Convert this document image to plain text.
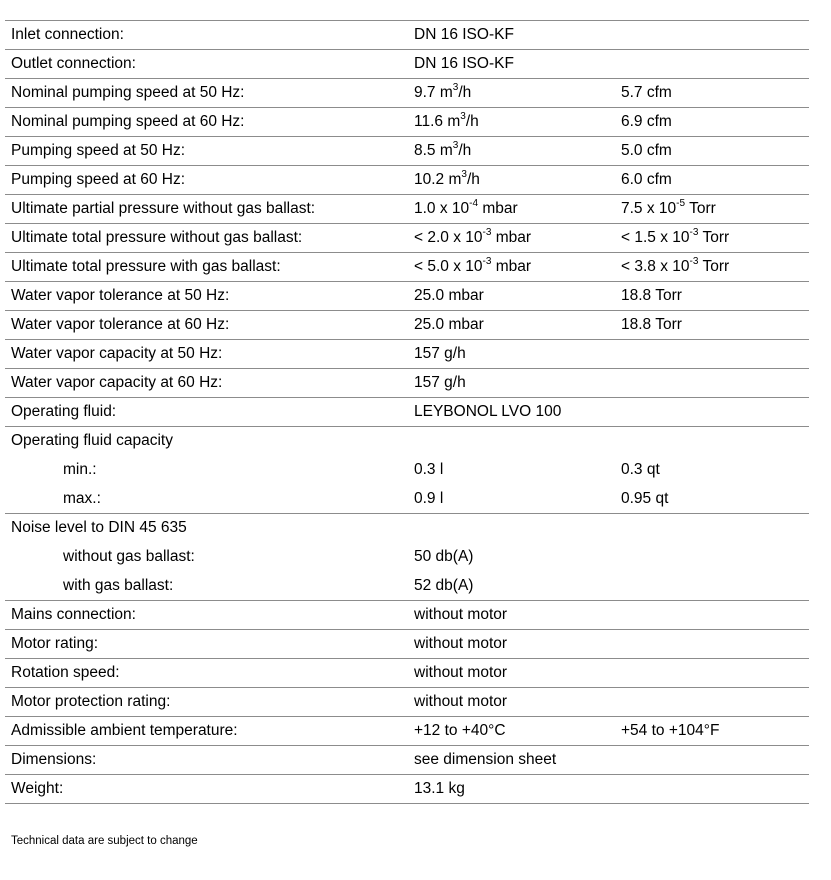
Inlet connection:	DN 16 ISO-KF	
Outlet connection:	DN 16 ISO-KF	
Nominal pumping speed at 50 Hz:	9.7 $m^3/h$	5.7 cfm
Nominal pumping speed at 60 Hz:	11.6 $m^3/h$	6.9 cfm
Pumping speed at 50 Hz:	8.5 $m^3/h$	5.0 cfm
Pumping speed at 60 Hz:	10.2 $m^3/h$	6.0 cfm
Ultimate partial pressure without gas ballast:	1.0 x $10^{-4}$ mbar	7.5 x $10^{-5}$ Torr
Ultimate total pressure without gas ballast:	< 2.0 x $10^{-3}$ mbar	< 1.5 x $10^{-3}$ Torr
Ultimate total pressure with gas ballast:	< 5.0 x $10^{-3}$ mbar	< 3.8 x $10^{-3}$ Torr
Water vapor tolerance at 50 Hz:	25.0 mbar	18.8 Torr
Water vapor tolerance at 60 Hz:	25.0 mbar	18.8 Torr
Water vapor capacity at 50 Hz:	157 g/h	
Water vapor capacity at 60 Hz:	157 g/h	
Operating fluid:	LEYBONOL LVO 100	
Operating fluid capacity		
min.:	0.3 l	0.3 qt
max.:	0.9 l	0.95 qt
Noise level to DIN 45 635		
without gas ballast:	50 db(A)	
with gas ballast:	52 db(A)	
Mains connection:	without motor	
Motor rating:	without motor	
Rotation speed:	without motor	
Motor protection rating:	without motor	
Admissible ambient temperature:	+12 to +40°C	+54 to +104°F
Dimensions:	see dimension sheet	
Weight:	13.1 kg	
Technical data are subject to change
